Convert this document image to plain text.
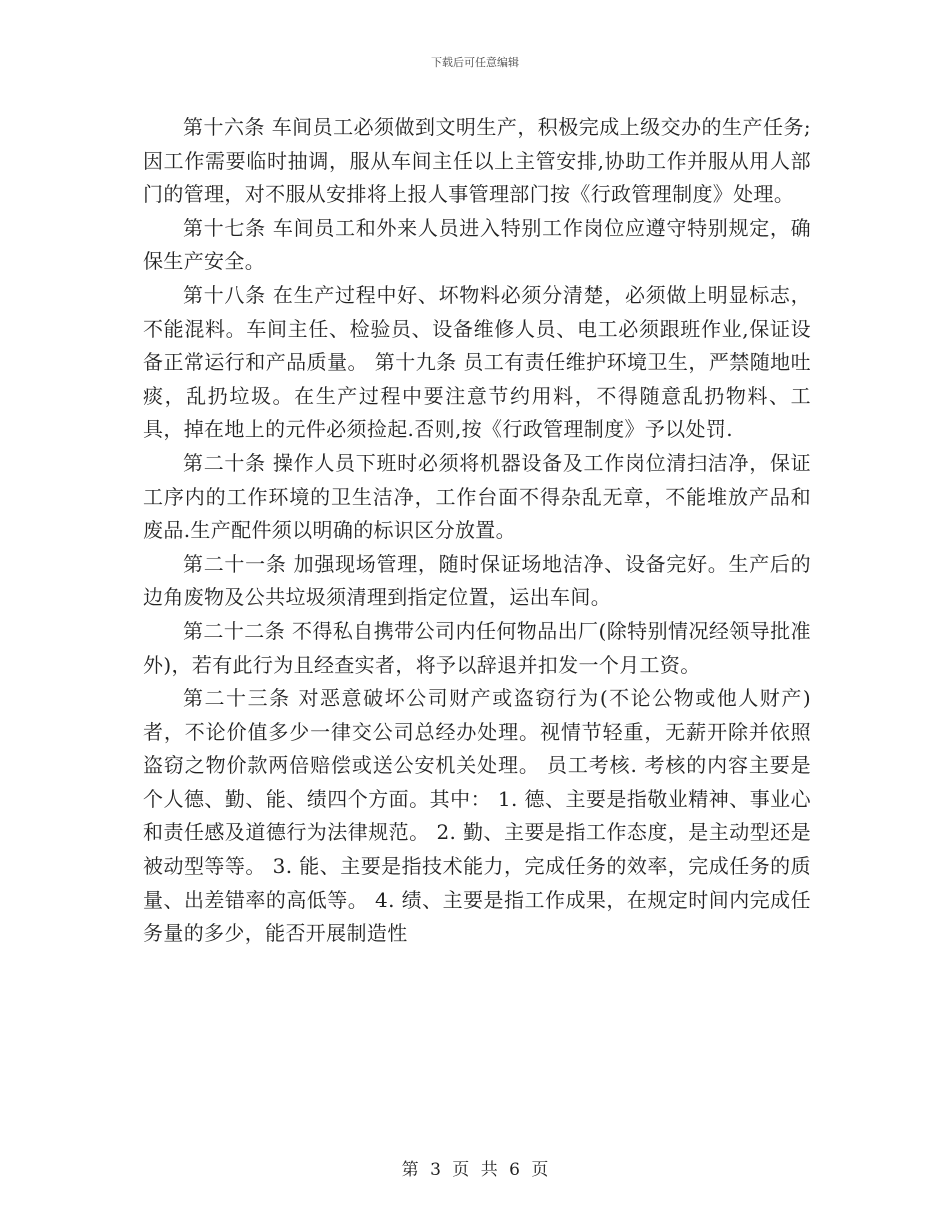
下载后可任意编辑

第十六条 车间员工必须做到文明生产，积极完成上级交办的生产任务;因工作需要临时抽调，服从车间主任以上主管安排,协助工作并服从用人部门的管理，对不服从安排将上报人事管理部门按《行政管理制度》处理。

第十七条 车间员工和外来人员进入特别工作岗位应遵守特别规定，确保生产安全。

第十八条 在生产过程中好、坏物料必须分清楚，必须做上明显标志，不能混料。车间主任、检验员、设备维修人员、电工必须跟班作业,保证设备正常运行和产品质量。 第十九条 员工有责任维护环境卫生，严禁随地吐痰，乱扔垃圾。在生产过程中要注意节约用料，不得随意乱扔物料、工具，掉在地上的元件必须捡起.否则,按《行政管理制度》予以处罚.

第二十条 操作人员下班时必须将机器设备及工作岗位清扫洁净，保证工序内的工作环境的卫生洁净，工作台面不得杂乱无章，不能堆放产品和废品.生产配件须以明确的标识区分放置。

第二十一条 加强现场管理，随时保证场地洁净、设备完好。生产后的边角废物及公共垃圾须清理到指定位置，运出车间。

第二十二条 不得私自携带公司内任何物品出厂(除特别情况经领导批准外)，若有此行为且经查实者，将予以辞退并扣发一个月工资。

第二十三条 对恶意破坏公司财产或盗窃行为(不论公物或他人财产)者，不论价值多少一律交公司总经办处理。视情节轻重，无薪开除并依照盗窃之物价款两倍赔偿或送公安机关处理。 员工考核. 考核的内容主要是个人德、勤、能、绩四个方面。其中： 1. 德、主要是指敬业精神、事业心和责任感及道德行为法律规范。 2. 勤、主要是指工作态度，是主动型还是被动型等等。 3. 能、主要是指技术能力，完成任务的效率，完成任务的质量、出差错率的高低等。 4. 绩、主要是指工作成果，在规定时间内完成任务量的多少，能否开展制造性

第 3 页 共 6 页
